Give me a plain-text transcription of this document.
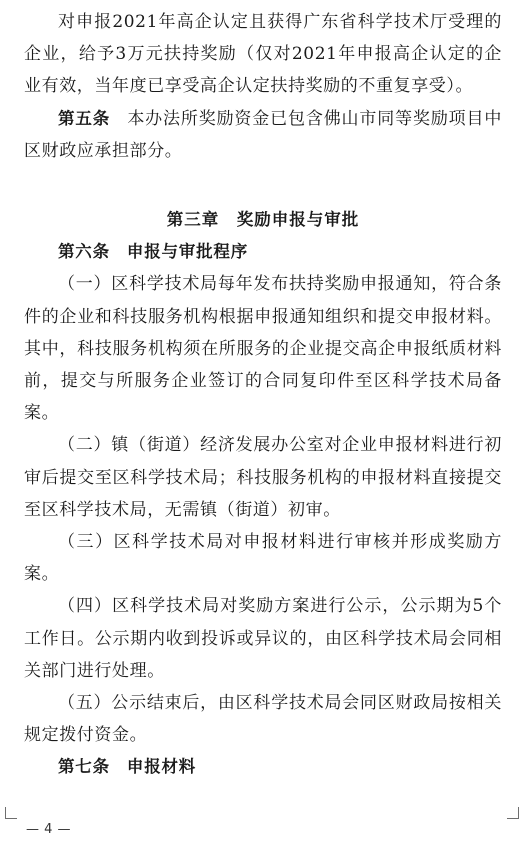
对申报2021年高企认定且获得广东省科学技术厅受理的企业，给予3万元扶持奖励（仅对2021年申报高企认定的企业有效，当年度已享受高企认定扶持奖励的不重复享受）。

第五条 本办法所奖励资金已包含佛山市同等奖励项目中区财政应承担部分。

第三章　奖励申报与审批

第六条 申报与审批程序

（一）区科学技术局每年发布扶持奖励申报通知，符合条件的企业和科技服务机构根据申报通知组织和提交申报材料。其中，科技服务机构须在所服务的企业提交高企申报纸质材料前，提交与所服务企业签订的合同复印件至区科学技术局备案。

（二）镇（街道）经济发展办公室对企业申报材料进行初审后提交至区科学技术局；科技服务机构的申报材料直接提交至区科学技术局，无需镇（街道）初审。

（三）区科学技术局对申报材料进行审核并形成奖励方案。

（四）区科学技术局对奖励方案进行公示，公示期为5个工作日。公示期内收到投诉或异议的，由区科学技术局会同相关部门进行处理。

（五）公示结束后，由区科学技术局会同区财政局按相关规定拨付资金。

第七条 申报材料

— 4 —
